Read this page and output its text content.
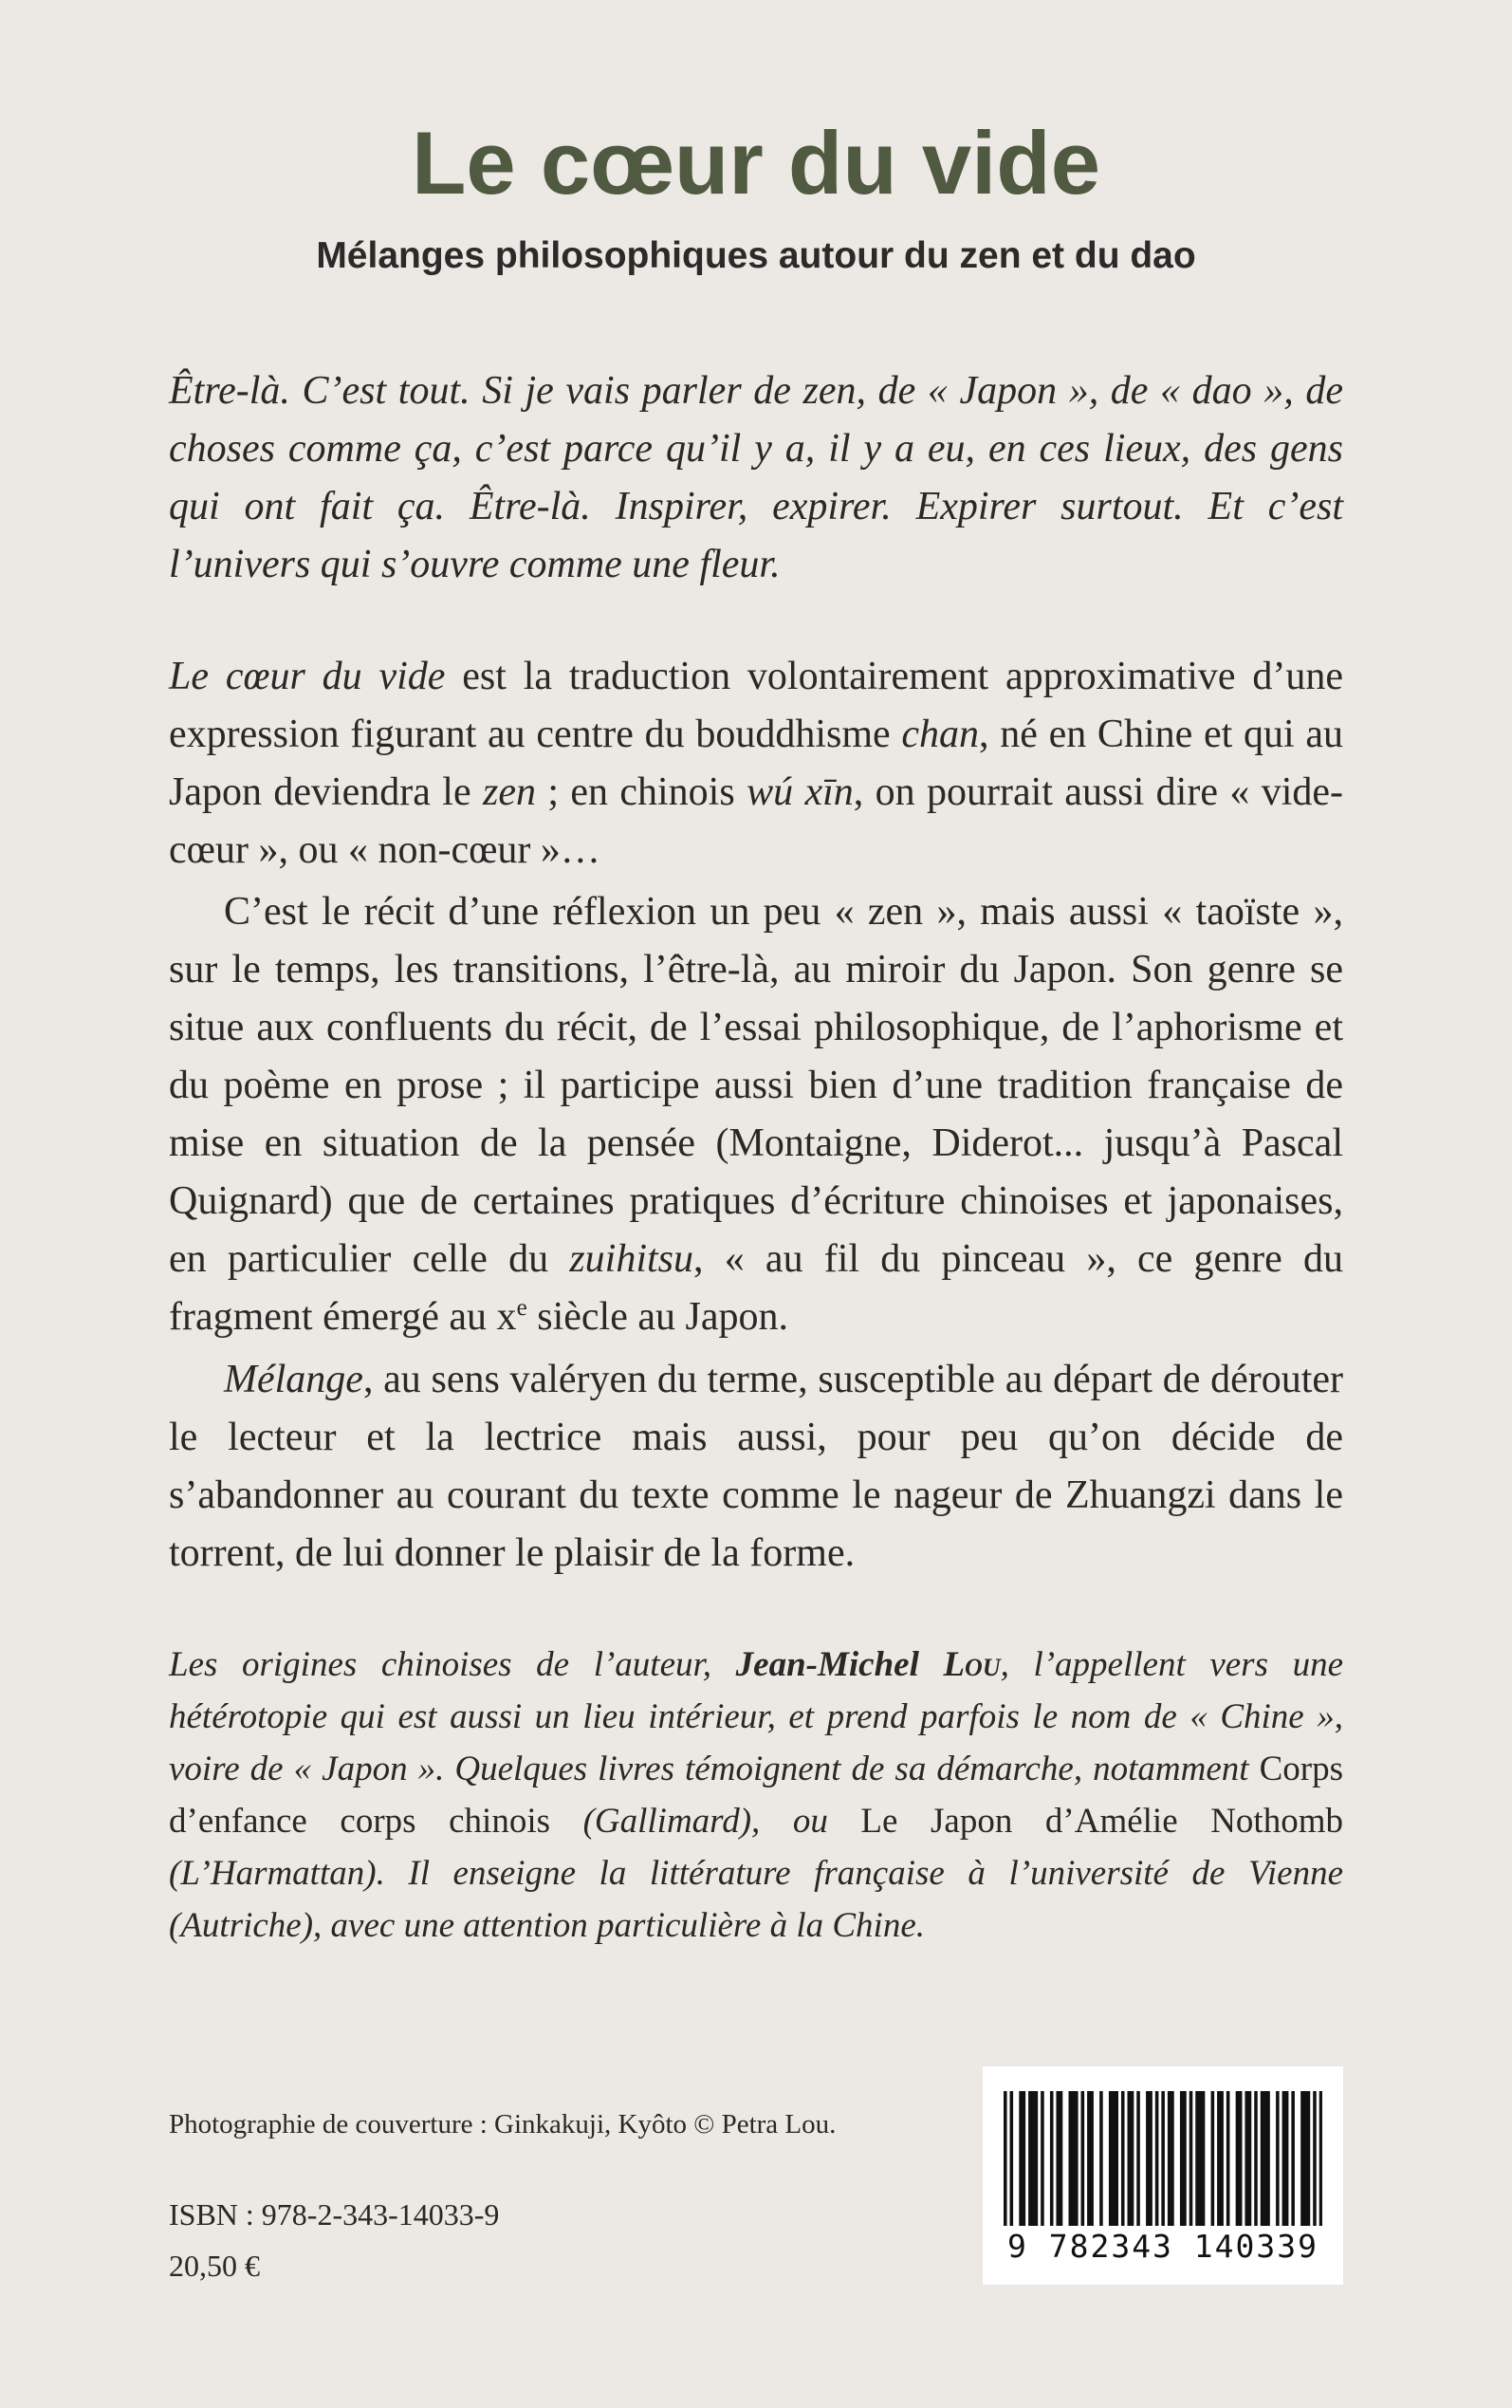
Le cœur du vide
Mélanges philosophiques autour du zen et du dao

Être-là. C’est tout. Si je vais parler de zen, de « Japon », de « dao », de choses comme ça, c’est parce qu’il y a, il y a eu, en ces lieux, des gens qui ont fait ça. Être-là. Inspirer, expirer. Expirer surtout. Et c’est l’univers qui s’ouvre comme une fleur.

Le cœur du vide est la traduction volontairement approximative d’une expression figurant au centre du bouddhisme chan, né en Chine et qui au Japon deviendra le zen ; en chinois wú xīn, on pourrait aussi dire « vide-cœur », ou « non-cœur »…

C’est le récit d’une réflexion un peu « zen », mais aussi « taoïste », sur le temps, les transitions, l’être-là, au miroir du Japon. Son genre se situe aux confluents du récit, de l’essai philosophique, de l’aphorisme et du poème en prose ; il participe aussi bien d’une tradition française de mise en situation de la pensée (Montaigne, Diderot... jusqu’à Pascal Quignard) que de certaines pratiques d’écriture chinoises et japonaises, en particulier celle du zuihitsu, « au fil du pinceau », ce genre du fragment émergé au $x^e$ siècle au Japon.

Mélange, au sens valéryen du terme, susceptible au départ de dérouter le lecteur et la lectrice mais aussi, pour peu qu’on décide de s’abandonner au courant du texte comme le nageur de Zhuangzi dans le torrent, de lui donner le plaisir de la forme.

Les origines chinoises de l’auteur, Jean-Michel Lou, l’appellent vers une hétérotopie qui est aussi un lieu intérieur, et prend parfois le nom de « Chine », voire de « Japon ». Quelques livres témoignent de sa démarche, notamment Corps d’enfance corps chinois (Gallimard), ou Le Japon d’Amélie Nothomb (L’Harmattan). Il enseigne la littérature française à l’université de Vienne (Autriche), avec une attention particulière à la Chine.

Photographie de couverture : Ginkakuji, Kyôto © Petra Lou.

ISBN : 978-2-343-14033-9

20,50 €

9 782343 140339
